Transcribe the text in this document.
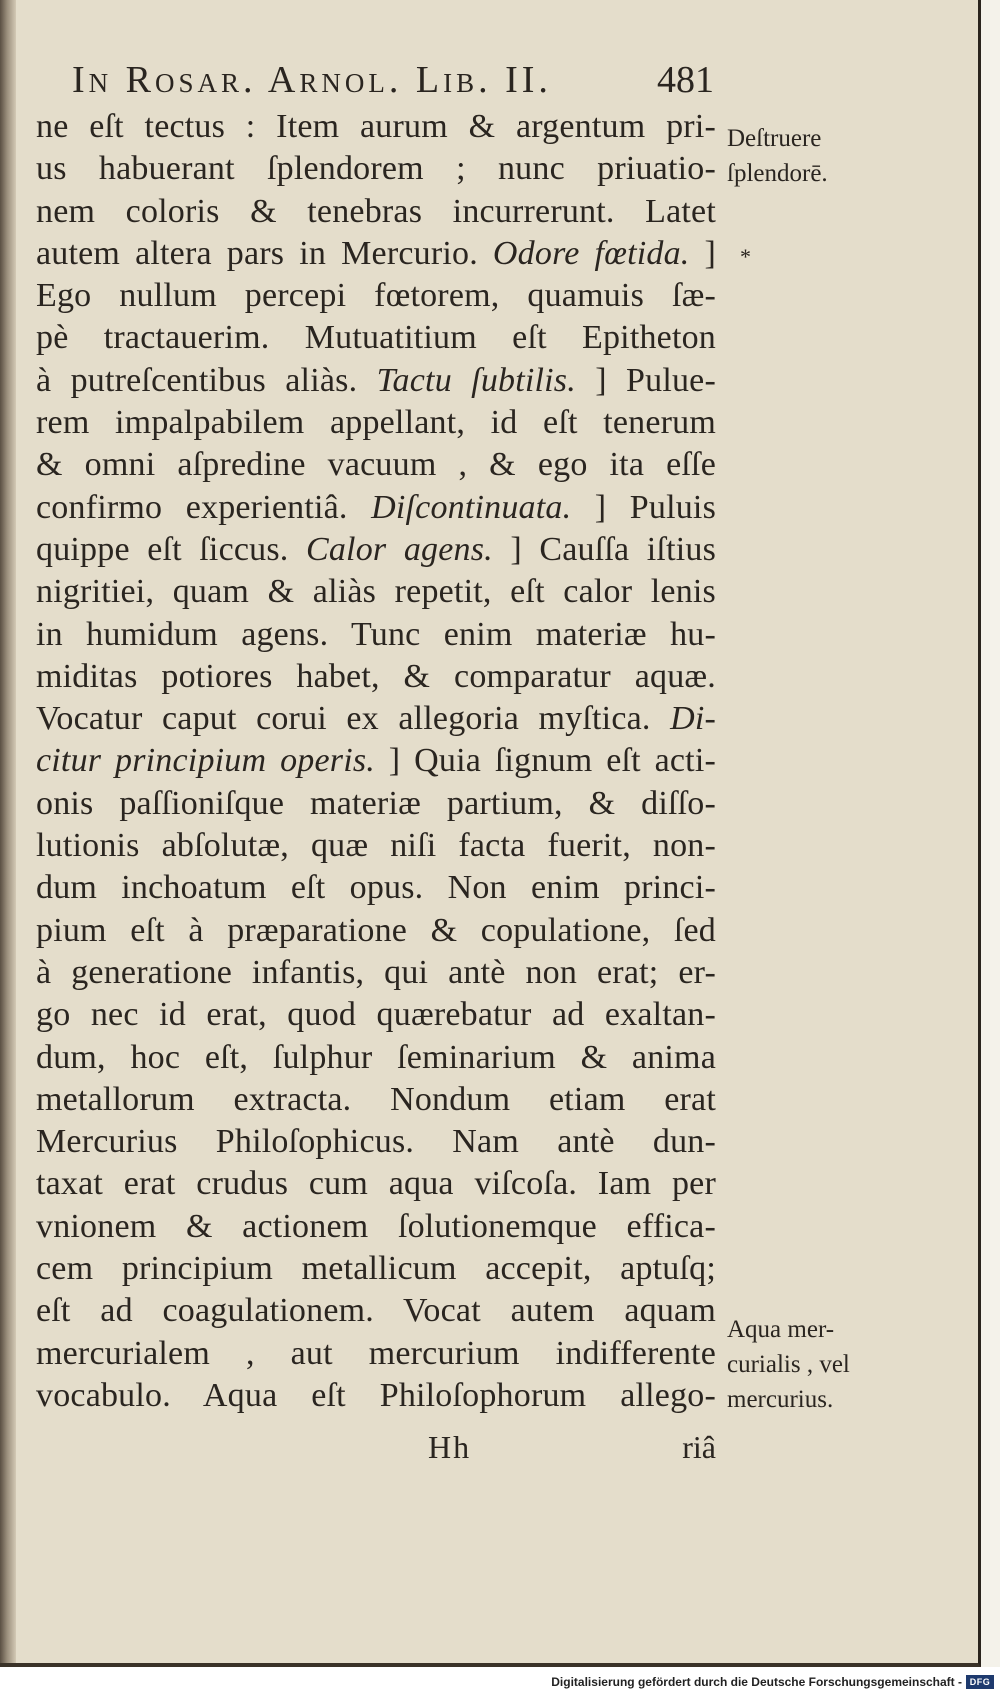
In Rosar. Arnol. Lib. II.	481
ne eſt tectus : Item aurum & argentum pri-
us habuerant ſplendorem ; nunc priuatio-
nem coloris & tenebras incurrerunt. Latet
autem altera pars in Mercurio. Odore fœtida. ]
Ego nullum percepi fœtorem, quamuis ſæ-
pè tractauerim. Mutuatitium eſt Epitheton
à putreſcentibus aliàs. Tactu ſubtilis. ] Pulue-
rem impalpabilem appellant, id eſt tenerum
& omni aſpredine vacuum , & ego ita eſſe
confirmo experientiâ. Diſcontinuata. ] Puluis
quippe eſt ſiccus. Calor agens. ] Cauſſa iſtius
nigritiei, quam & aliàs repetit, eſt calor lenis
in humidum agens. Tunc enim materiæ hu-
miditas potiores habet, & comparatur aquæ.
Vocatur caput corui ex allegoria myſtica. Di-
citur principium operis. ] Quia ſignum eſt acti-
onis paſſioniſque materiæ partium, & diſſo-
lutionis abſolutæ, quæ niſi facta fuerit, non-
dum inchoatum eſt opus. Non enim princi-
pium eſt à præparatione & copulatione, ſed
à generatione infantis, qui antè non erat; er-
go nec id erat, quod quærebatur ad exaltan-
dum, hoc eſt, ſulphur ſeminarium & anima
metallorum extracta. Nondum etiam erat
Mercurius Philoſophicus. Nam antè dun-
taxat erat crudus cum aqua viſcoſa. Iam per
vnionem & actionem ſolutionemque effica-
cem principium metallicum accepit, aptuſq;
eſt ad coagulationem. Vocat autem aquam
mercurialem , aut mercurium indifferente
vocabulo. Aqua eſt Philoſophorum allego-
Hh	riâ
Deſtruere
ſplendorē.
*
Aqua mer-
curialis , vel
mercurius.
Digitalisierung gefördert durch die Deutsche Forschungsgemeinschaft - DFG
